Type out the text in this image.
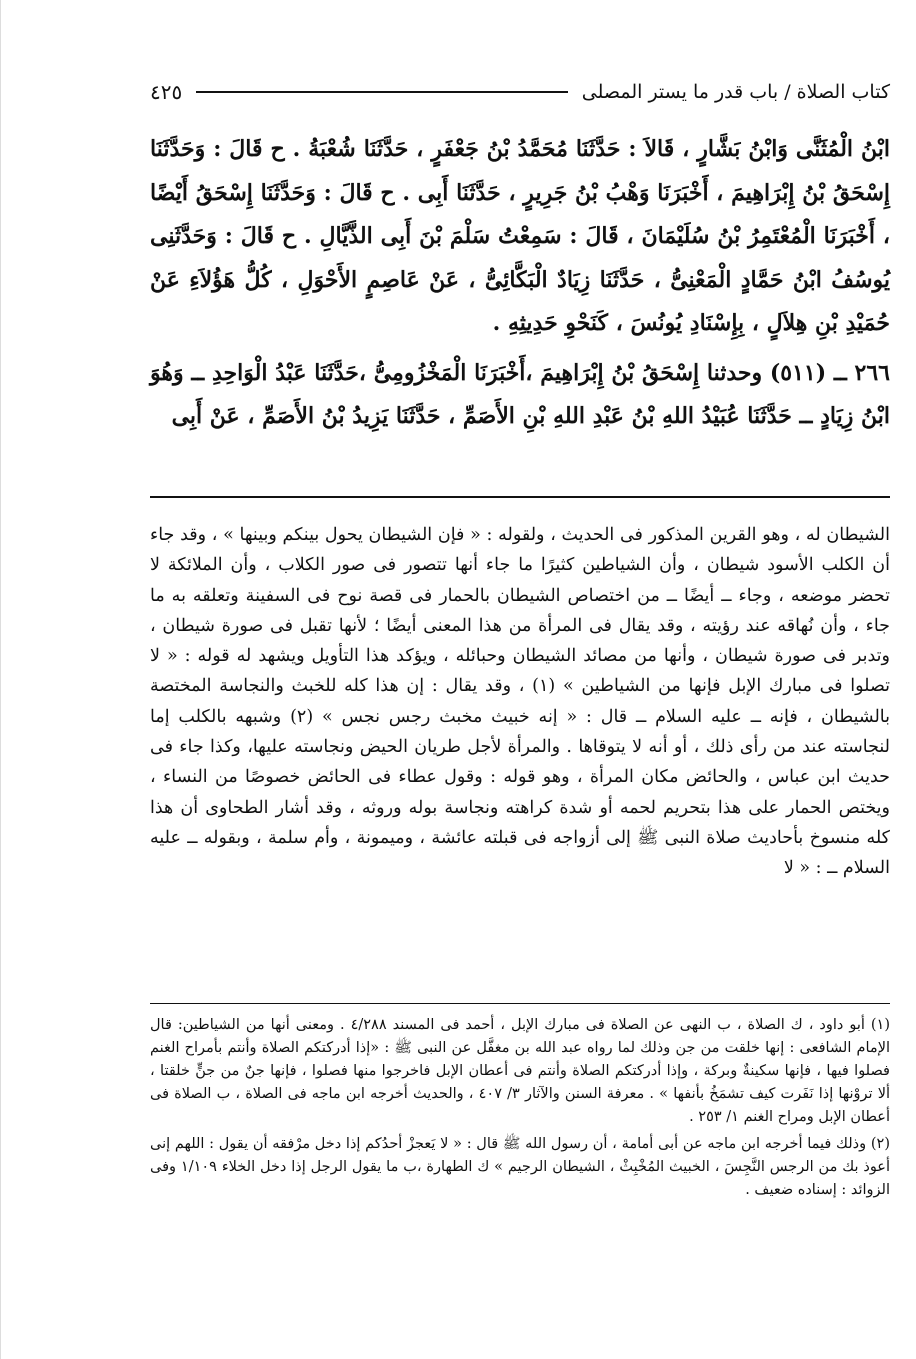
كتاب الصلاة / باب قدر ما يستر المصلى
٤٢٥

ابْنُ الْمُثَنَّى وَابْنُ بَشَّارٍ ، قَالاَ : حَدَّثَنَا مُحَمَّدُ بْنُ جَعْفَرٍ ، حَدَّثَنَا شُعْبَةُ . ح قَالَ : وَحَدَّثَنَا إِسْحَقُ بْنُ إِبْرَاهِيمَ ، أَخْبَرَنَا وَهْبُ بْنُ جَرِيرٍ ، حَدَّثَنَا أَبِى . ح قَالَ : وَحَدَّثَنَا إِسْحَقُ أَيْضًا ، أَخْبَرَنَا الْمُعْتَمِرُ بْنُ سُلَيْمَانَ ، قَالَ : سَمِعْتُ سَلْمَ بْنَ أَبِى الذَّيَّالِ . ح قَالَ : وَحَدَّثَنِى يُوسُفُ ابْنُ حَمَّادٍ الْمَعْنِىُّ ، حَدَّثَنَا زِيَادٌ الْبَكَّائِىُّ ، عَنْ عَاصِمٍ الأَحْوَلِ ، كُلُّ هَؤُلاَءِ عَنْ حُمَيْدِ بْنِ هِلاَلٍ ، بِإِسْنَادِ يُونُسَ ، كَنَحْوِ حَدِيثِهِ .

٢٦٦ ــ (٥١١) وحدثنا إِسْحَقُ بْنُ إِبْرَاهِيمَ ،أَخْبَرَنَا الْمَخْزُومِىُّ ،حَدَّثَنَا عَبْدُ الْوَاحِدِ ــ وَهُوَ ابْنُ زِيَادٍ ــ حَدَّثَنَا عُبَيْدُ اللهِ بْنُ عَبْدِ اللهِ بْنِ الأَصَمِّ ، حَدَّثَنَا يَزِيدُ بْنُ الأَصَمِّ ، عَنْ أَبِى

الشيطان له ، وهو القرين المذكور فى الحديث ، ولقوله : « فإن الشيطان يحول بينكم وبينها » ، وقد جاء أن الكلب الأسود شيطان ، وأن الشياطين كثيرًا ما جاء أنها تتصور فى صور الكلاب ، وأن الملائكة لا تحضر موضعه ، وجاء ــ أيضًا ــ من اختصاص الشيطان بالحمار فى قصة نوح فى السفينة وتعلقه به ما جاء ، وأن نُهاقه عند رؤيته ، وقد يقال فى المرأة من هذا المعنى أيضًا ؛ لأنها تقبل فى صورة شيطان ، وتدبر فى صورة شيطان ، وأنها من مصائد الشيطان وحبائله ، ويؤكد هذا التأويل ويشهد له قوله : « لا تصلوا فى مبارك الإبل فإنها من الشياطين » (١) ، وقد يقال : إن هذا كله للخبث والنجاسة المختصة بالشيطان ، فإنه ــ عليه السلام ــ قال : « إنه خبيث مخبث رجس نجس » (٢) وشبهه بالكلب إما لنجاسته عند من رأى ذلك ، أو أنه لا يتوقاها . والمرأة لأجل طريان الحيض ونجاسته عليها، وكذا جاء فى حديث ابن عباس ، والحائض مكان المرأة ، وهو قوله : وقول عطاء فى الحائض خصوصًا من النساء ، ويختص الحمار على هذا بتحريم لحمه أو شدة كراهته ونجاسة بوله وروثه ، وقد أشار الطحاوى أن هذا كله منسوخ بأحاديث صلاة النبى ﷺ إلى أزواجه فى قبلته عائشة ، وميمونة ، وأم سلمة ، وبقوله ــ عليه السلام ــ : « لا

(١) أبو داود ، ك الصلاة ، ب النهى عن الصلاة فى مبارك الإبل ، أحمد فى المسند ٤/٢٨٨ . ومعنى أنها من الشياطين: قال الإمام الشافعى : إنها خلقت من جن وذلك لما رواه عبد الله بن مغفَّل عن النبى ﷺ : «إذا أدركتكم الصلاة وأنتم بأمراح الغنم فصلوا فيها ، فإنها سكينةٌ وبركة ، وإذا أدركتكم الصلاة وأنتم فى أعطان الإبل فاخرجوا منها فصلوا ، فإنها جنٌ من جنٍّ خلقتا ، ألا تروْنها إذا نَفَرت كيف تشمَخُ بأنفها » . معرفة السنن والآثار ٣/ ٤٠٧ ، والحديث أخرجه ابن ماجه فى الصلاة ، ب الصلاة فى أعطان الإبل ومراح الغنم ١/ ٢٥٣ .

(٢) وذلك فيما أخرجه ابن ماجه عن أبى أمامة ، أن رسول الله ﷺ قال : « لا يَعجزْ أحدُكم إذا دخل مرْفقه أن يقول : اللهم إنى أعوذ بك من الرجس النَّجِسَ ، الخبيث المُخْبِثْ ، الشيطان الرجيم » ك الطهارة ،ب ما يقول الرجل إذا دخل الخلاء ١/١٠٩ وفى الزوائد : إسناده ضعيف .
